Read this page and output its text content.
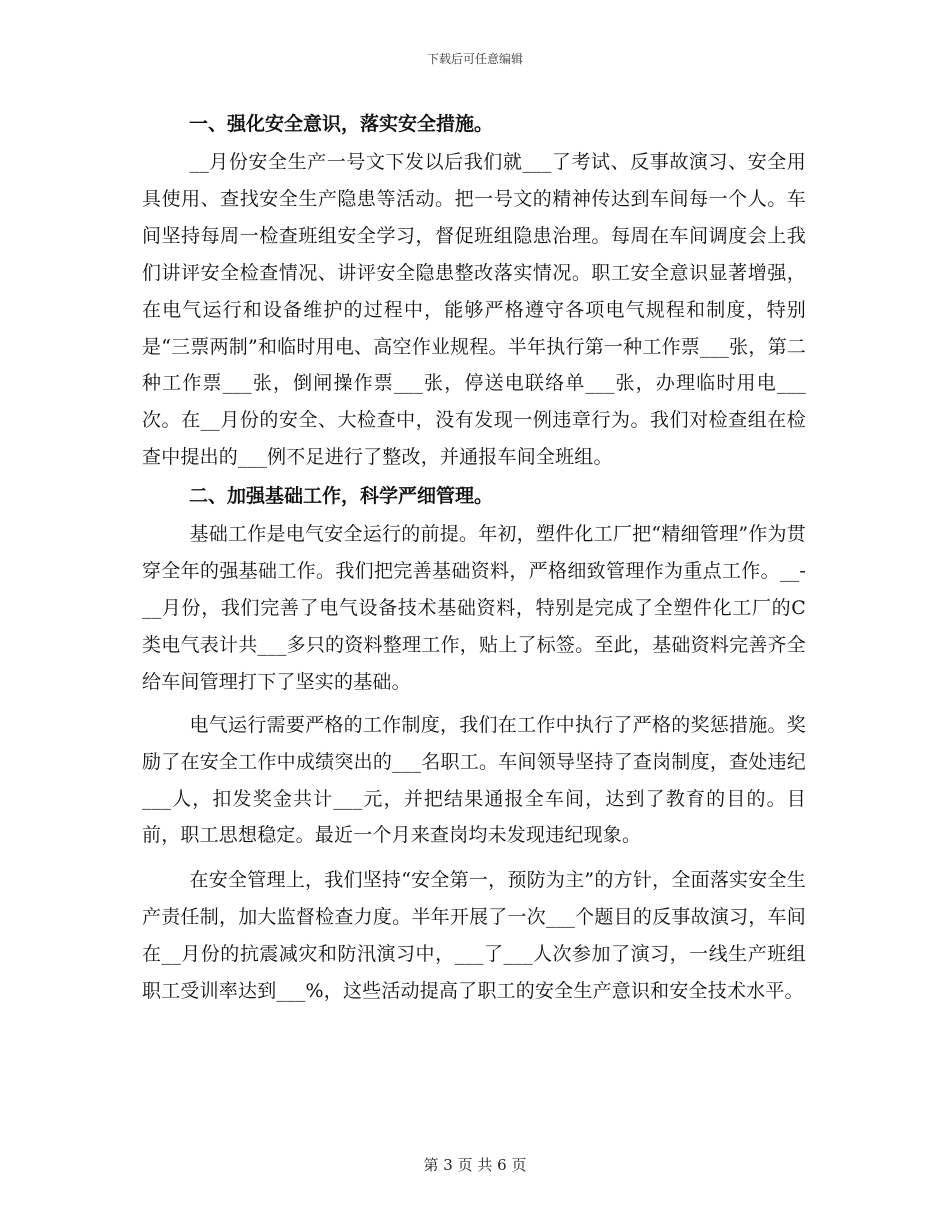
下载后可任意编辑
一、强化安全意识，落实安全措施。

__月份安全生产一号文下发以后我们就___了考试、反事故演习、安全用具使用、查找安全生产隐患等活动。把一号文的精神传达到车间每一个人。车间坚持每周一检查班组安全学习，督促班组隐患治理。每周在车间调度会上我们讲评安全检查情况、讲评安全隐患整改落实情况。职工安全意识显著增强，在电气运行和设备维护的过程中，能够严格遵守各项电气规程和制度，特别是“三票两制”和临时用电、高空作业规程。半年执行第一种工作票___张，第二种工作票___张，倒闸操作票___张，停送电联络单___张，办理临时用电___次。在__月份的安全、大检查中，没有发现一例违章行为。我们对检查组在检查中提出的___例不足进行了整改，并通报车间全班组。

二、加强基础工作，科学严细管理。

基础工作是电气安全运行的前提。年初，塑件化工厂把“精细管理”作为贯穿全年的强基础工作。我们把完善基础资料，严格细致管理作为重点工作。__-__月份，我们完善了电气设备技术基础资料，特别是完成了全塑件化工厂的C类电气表计共___多只的资料整理工作，贴上了标签。至此，基础资料完善齐全给车间管理打下了坚实的基础。

电气运行需要严格的工作制度，我们在工作中执行了严格的奖惩措施。奖励了在安全工作中成绩突出的___名职工。车间领导坚持了查岗制度，查处违纪___人，扣发奖金共计___元，并把结果通报全车间，达到了教育的目的。目前，职工思想稳定。最近一个月来查岗均未发现违纪现象。

在安全管理上，我们坚持“安全第一，预防为主”的方针，全面落实安全生产责任制，加大监督检查力度。半年开展了一次___个题目的反事故演习，车间在__月份的抗震减灾和防汛演习中，___了___人次参加了演习，一线生产班组职工受训率达到___%，这些活动提高了职工的安全生产意识和安全技术水平。

第 3 页 共 6 页
